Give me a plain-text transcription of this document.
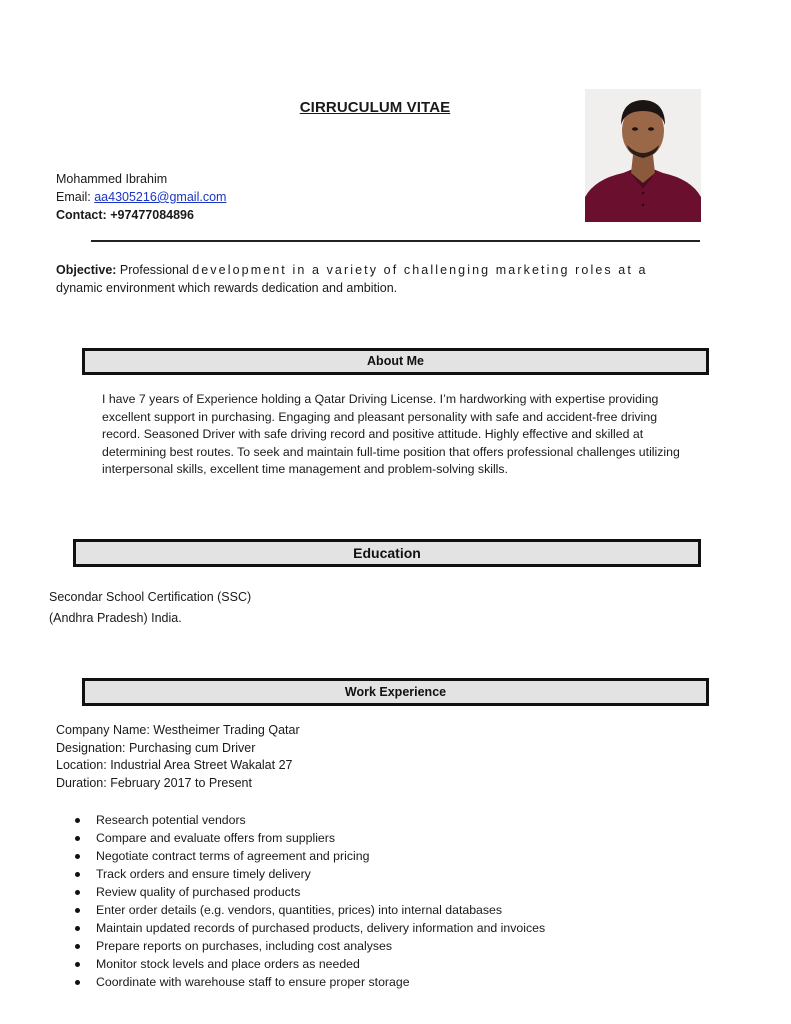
CIRRUCULUM VITAE
Mohammed Ibrahim
Email: aa4305216@gmail.com
Contact: +97477084896
Objective: Professional development in a variety of challenging marketing roles at a dynamic environment which rewards dedication and ambition.
About Me
I have 7 years of Experience holding a Qatar Driving License. I’m hardworking with expertise providing excellent support in purchasing. Engaging and pleasant personality with safe and accident-free driving record. Seasoned Driver with safe driving record and positive attitude. Highly effective and skilled at determining best routes. To seek and maintain full-time position that offers professional challenges utilizing interpersonal skills, excellent time management and problem-solving skills.
Education
Secondar School Certification (SSC)
(Andhra Pradesh) India.
Work Experience
Company Name: Westheimer Trading Qatar
Designation: Purchasing cum Driver
Location: Industrial Area Street Wakalat 27
Duration: February 2017 to Present
Research potential vendors
Compare and evaluate offers from suppliers
Negotiate contract terms of agreement and pricing
Track orders and ensure timely delivery
Review quality of purchased products
Enter order details (e.g. vendors, quantities, prices) into internal databases
Maintain updated records of purchased products, delivery information and invoices
Prepare reports on purchases, including cost analyses
Monitor stock levels and place orders as needed
Coordinate with warehouse staff to ensure proper storage
